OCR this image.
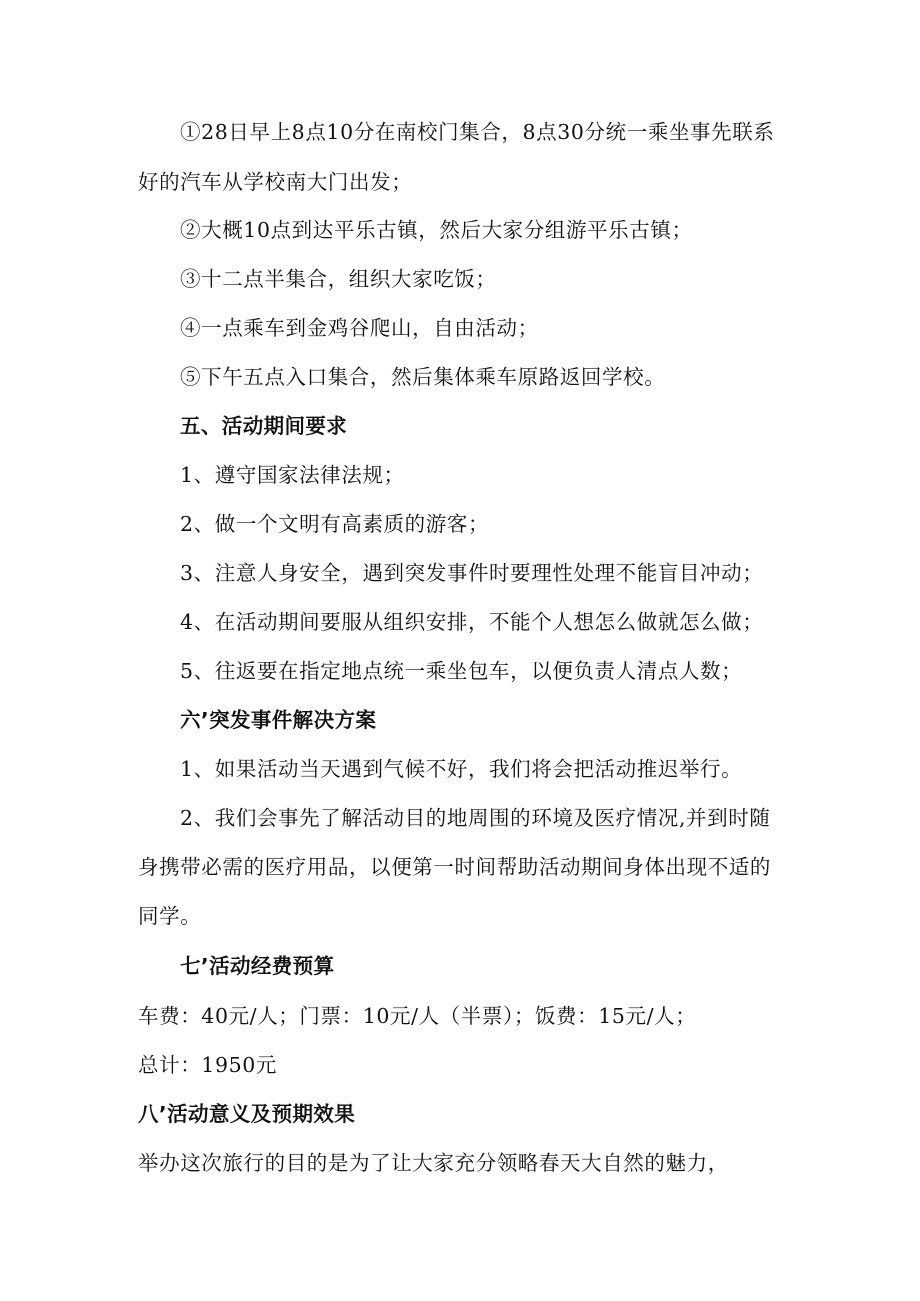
①28日早上8点10分在南校门集合，8点30分统一乘坐事先联系
好的汽车从学校南大门出发；
②大概10点到达平乐古镇，然后大家分组游平乐古镇；
③十二点半集合，组织大家吃饭；
④一点乘车到金鸡谷爬山，自由活动；
⑤下午五点入口集合，然后集体乘车原路返回学校。
五、活动期间要求
1、遵守国家法律法规；
2、做一个文明有高素质的游客；
3、注意人身安全，遇到突发事件时要理性处理不能盲目冲动；
4、在活动期间要服从组织安排，不能个人想怎么做就怎么做；
5、往返要在指定地点统一乘坐包车，以便负责人清点人数；
六’突发事件解决方案
1、如果活动当天遇到气候不好，我们将会把活动推迟举行。
2、我们会事先了解活动目的地周围的环境及医疗情况,并到时随
身携带必需的医疗用品，以便第一时间帮助活动期间身体出现不适的
同学。
七’活动经费预算
车费：40元/人；门票：10元/人（半票）；饭费：15元/人；
总计：1950元
八’活动意义及预期效果
举办这次旅行的目的是为了让大家充分领略春天大自然的魅力，
